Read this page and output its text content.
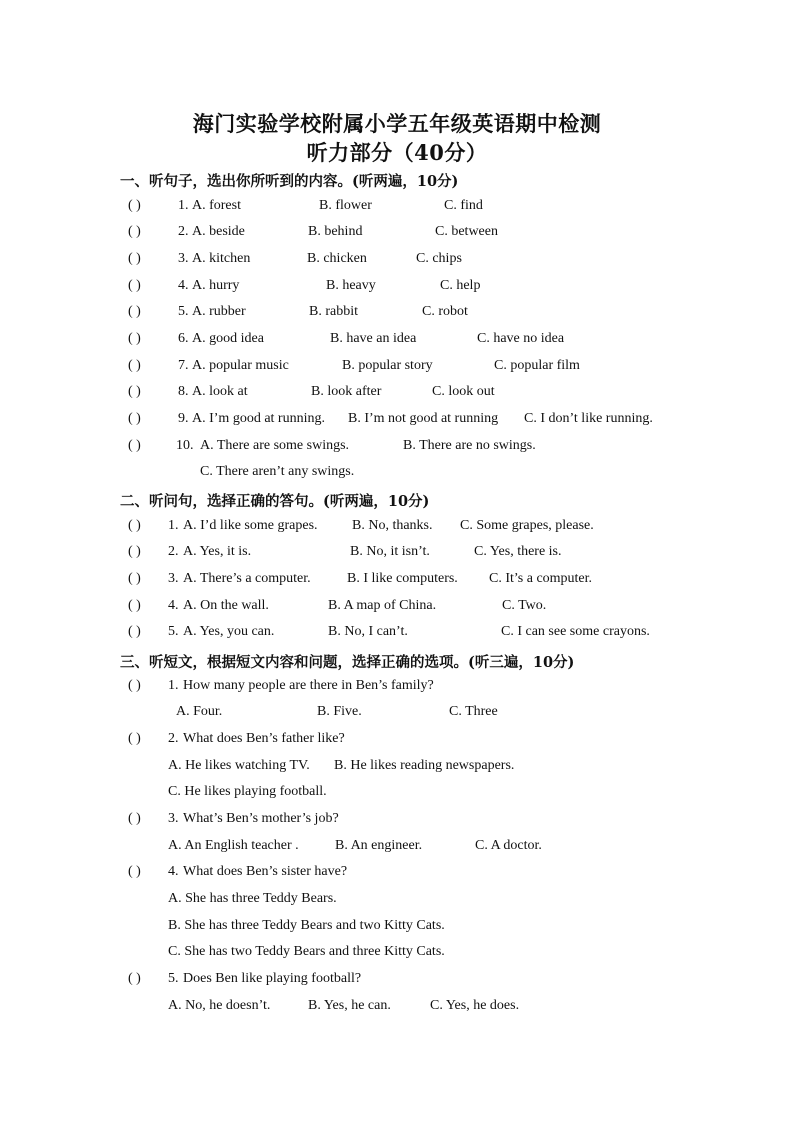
海门实验学校附属小学五年级英语期中检测
听力部分（40分）
一、听句子，选出你所听到的内容。(听两遍，10分)
( )	1. A. forest	B. flower	C. find
( )	2. A. beside	B. behind	C. between
( )	3. A. kitchen	B. chicken	C. chips
( )	4. A. hurry	B. heavy	C. help
( )	5. A. rubber	B. rabbit	C. robot
( )	6. A. good idea	B. have an idea	C. have no idea
( )	7. A. popular music	B. popular story	C. popular film
( )	8. A. look at	B. look after	C. look out
( )	9. A. I’m good at running. B. I’m not good at running C. I don’t like running.
( )	10. A. There are some swings.	B. There are no swings.
C. There aren’t any swings.
二、听问句，选择正确的答句。(听两遍，10分)
( ) 1. A. I’d like some grapes. B. No, thanks. C. Some grapes, please.
( ) 2. A. Yes, it is.	B. No, it isn’t.	C. Yes, there is.
( ) 3. A. There’s a computer.	B. I like computers. C. It’s a computer.
( ) 4. A. On the wall.	B. A map of China.	C. Two.
( ) 5. A. Yes, you can.	B. No, I can’t.	C. I can see some crayons.
三、听短文，根据短文内容和问题，选择正确的选项。(听三遍，10分)
( ) 1. How many people are there in Ben’s family?
A. Four.	B. Five.	C. Three
( ) 2. What does Ben’s father like?
A. He likes watching TV. B. He likes reading newspapers.
C. He likes playing football.
( ) 3. What’s Ben’s mother’s job?
A. An English teacher .	B. An engineer.	C. A doctor.
( ) 4. What does Ben’s sister have?
A. She has three Teddy Bears.
B. She has three Teddy Bears and two Kitty Cats.
C. She has two Teddy Bears and three Kitty Cats.
( ) 5. Does Ben like playing football?
A. No, he doesn’t.	B. Yes, he can.	C. Yes, he does.
